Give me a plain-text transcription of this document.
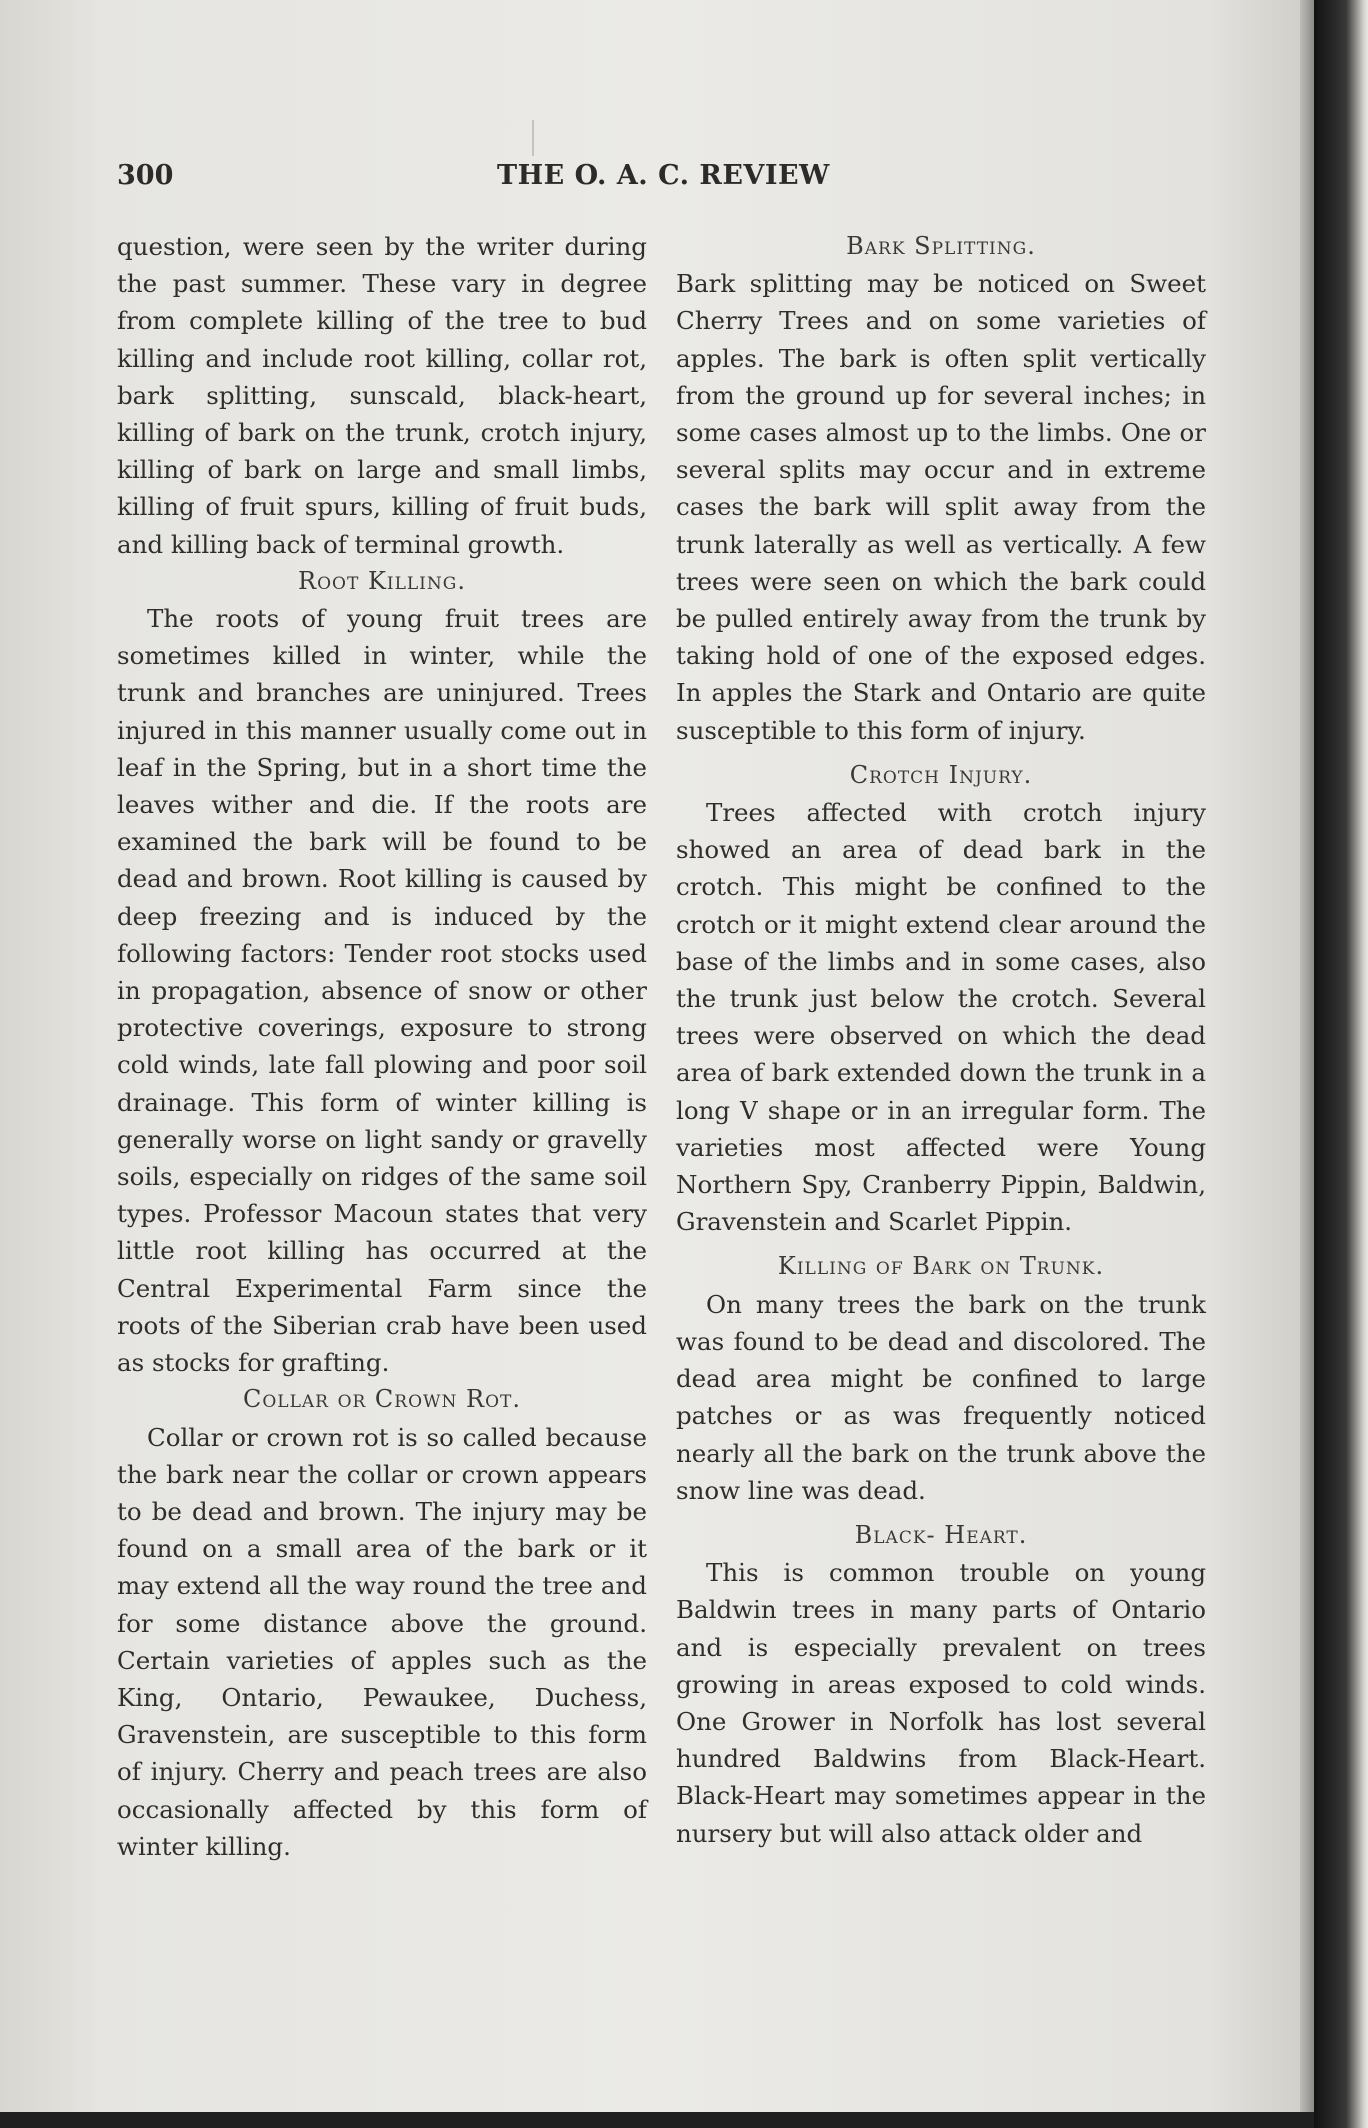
300	THE O. A. C. REVIEW

question, were seen by the writer during the past summer. These vary in degree from complete killing of the tree to bud killing and include root killing, collar rot, bark splitting, sunscald, black-heart, killing of bark on the trunk, crotch injury, killing of bark on large and small limbs, killing of fruit spurs, killing of fruit buds, and killing back of terminal growth.

Root Killing.

The roots of young fruit trees are sometimes killed in winter, while the trunk and branches are uninjured. Trees injured in this manner usually come out in leaf in the Spring, but in a short time the leaves wither and die. If the roots are examined the bark will be found to be dead and brown. Root killing is caused by deep freezing and is induced by the following factors: Tender root stocks used in propagation, absence of snow or other protective coverings, exposure to strong cold winds, late fall plowing and poor soil drainage. This form of winter killing is generally worse on light sandy or gravelly soils, especially on ridges of the same soil types. Professor Macoun states that very little root killing has occurred at the Central Experimental Farm since the roots of the Siberian crab have been used as stocks for grafting.

Collar or Crown Rot.

Collar or crown rot is so called because the bark near the collar or crown appears to be dead and brown. The injury may be found on a small area of the bark or it may extend all the way round the tree and for some distance above the ground. Certain varieties of apples such as the King, Ontario, Pewaukee, Duchess, Gravenstein, are susceptible to this form of injury. Cherry and peach trees are also occasionally affected by this form of winter killing.

Bark Splitting.

Bark splitting may be noticed on Sweet Cherry Trees and on some varieties of apples. The bark is often split vertically from the ground up for several inches; in some cases almost up to the limbs. One or several splits may occur and in extreme cases the bark will split away from the trunk laterally as well as vertically. A few trees were seen on which the bark could be pulled entirely away from the trunk by taking hold of one of the exposed edges. In apples the Stark and Ontario are quite susceptible to this form of injury.

Crotch Injury.

Trees affected with crotch injury showed an area of dead bark in the crotch. This might be confined to the crotch or it might extend clear around the base of the limbs and in some cases, also the trunk just below the crotch. Several trees were observed on which the dead area of bark extended down the trunk in a long V shape or in an irregular form. The varieties most affected were Young Northern Spy, Cranberry Pippin, Baldwin, Gravenstein and Scarlet Pippin.

Killing of Bark on Trunk.

On many trees the bark on the trunk was found to be dead and discolored. The dead area might be confined to large patches or as was frequently noticed nearly all the bark on the trunk above the snow line was dead.

Black- Heart.

This is common trouble on young Baldwin trees in many parts of Ontario and is especially prevalent on trees growing in areas exposed to cold winds. One Grower in Norfolk has lost several hundred Baldwins from Black-Heart. Black-Heart may sometimes appear in the nursery but will also attack older and
